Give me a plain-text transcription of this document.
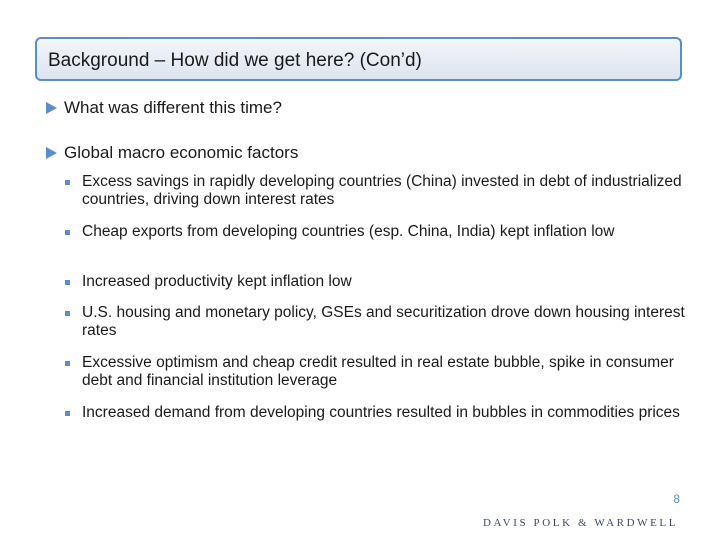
Background – How did we get here? (Con’d)
What was different this time?
Global macro economic factors
Excess savings in rapidly developing countries (China) invested in debt of industrialized countries, driving down interest rates
Cheap exports from developing countries (esp. China, India) kept inflation low
Increased productivity kept inflation low
U.S. housing and monetary policy, GSEs and securitization drove down housing interest rates
Excessive optimism and cheap credit resulted in real estate bubble, spike in consumer debt and financial institution leverage
Increased demand from developing countries resulted in bubbles in commodities prices
8
DAVIS POLK & WARDWELL
